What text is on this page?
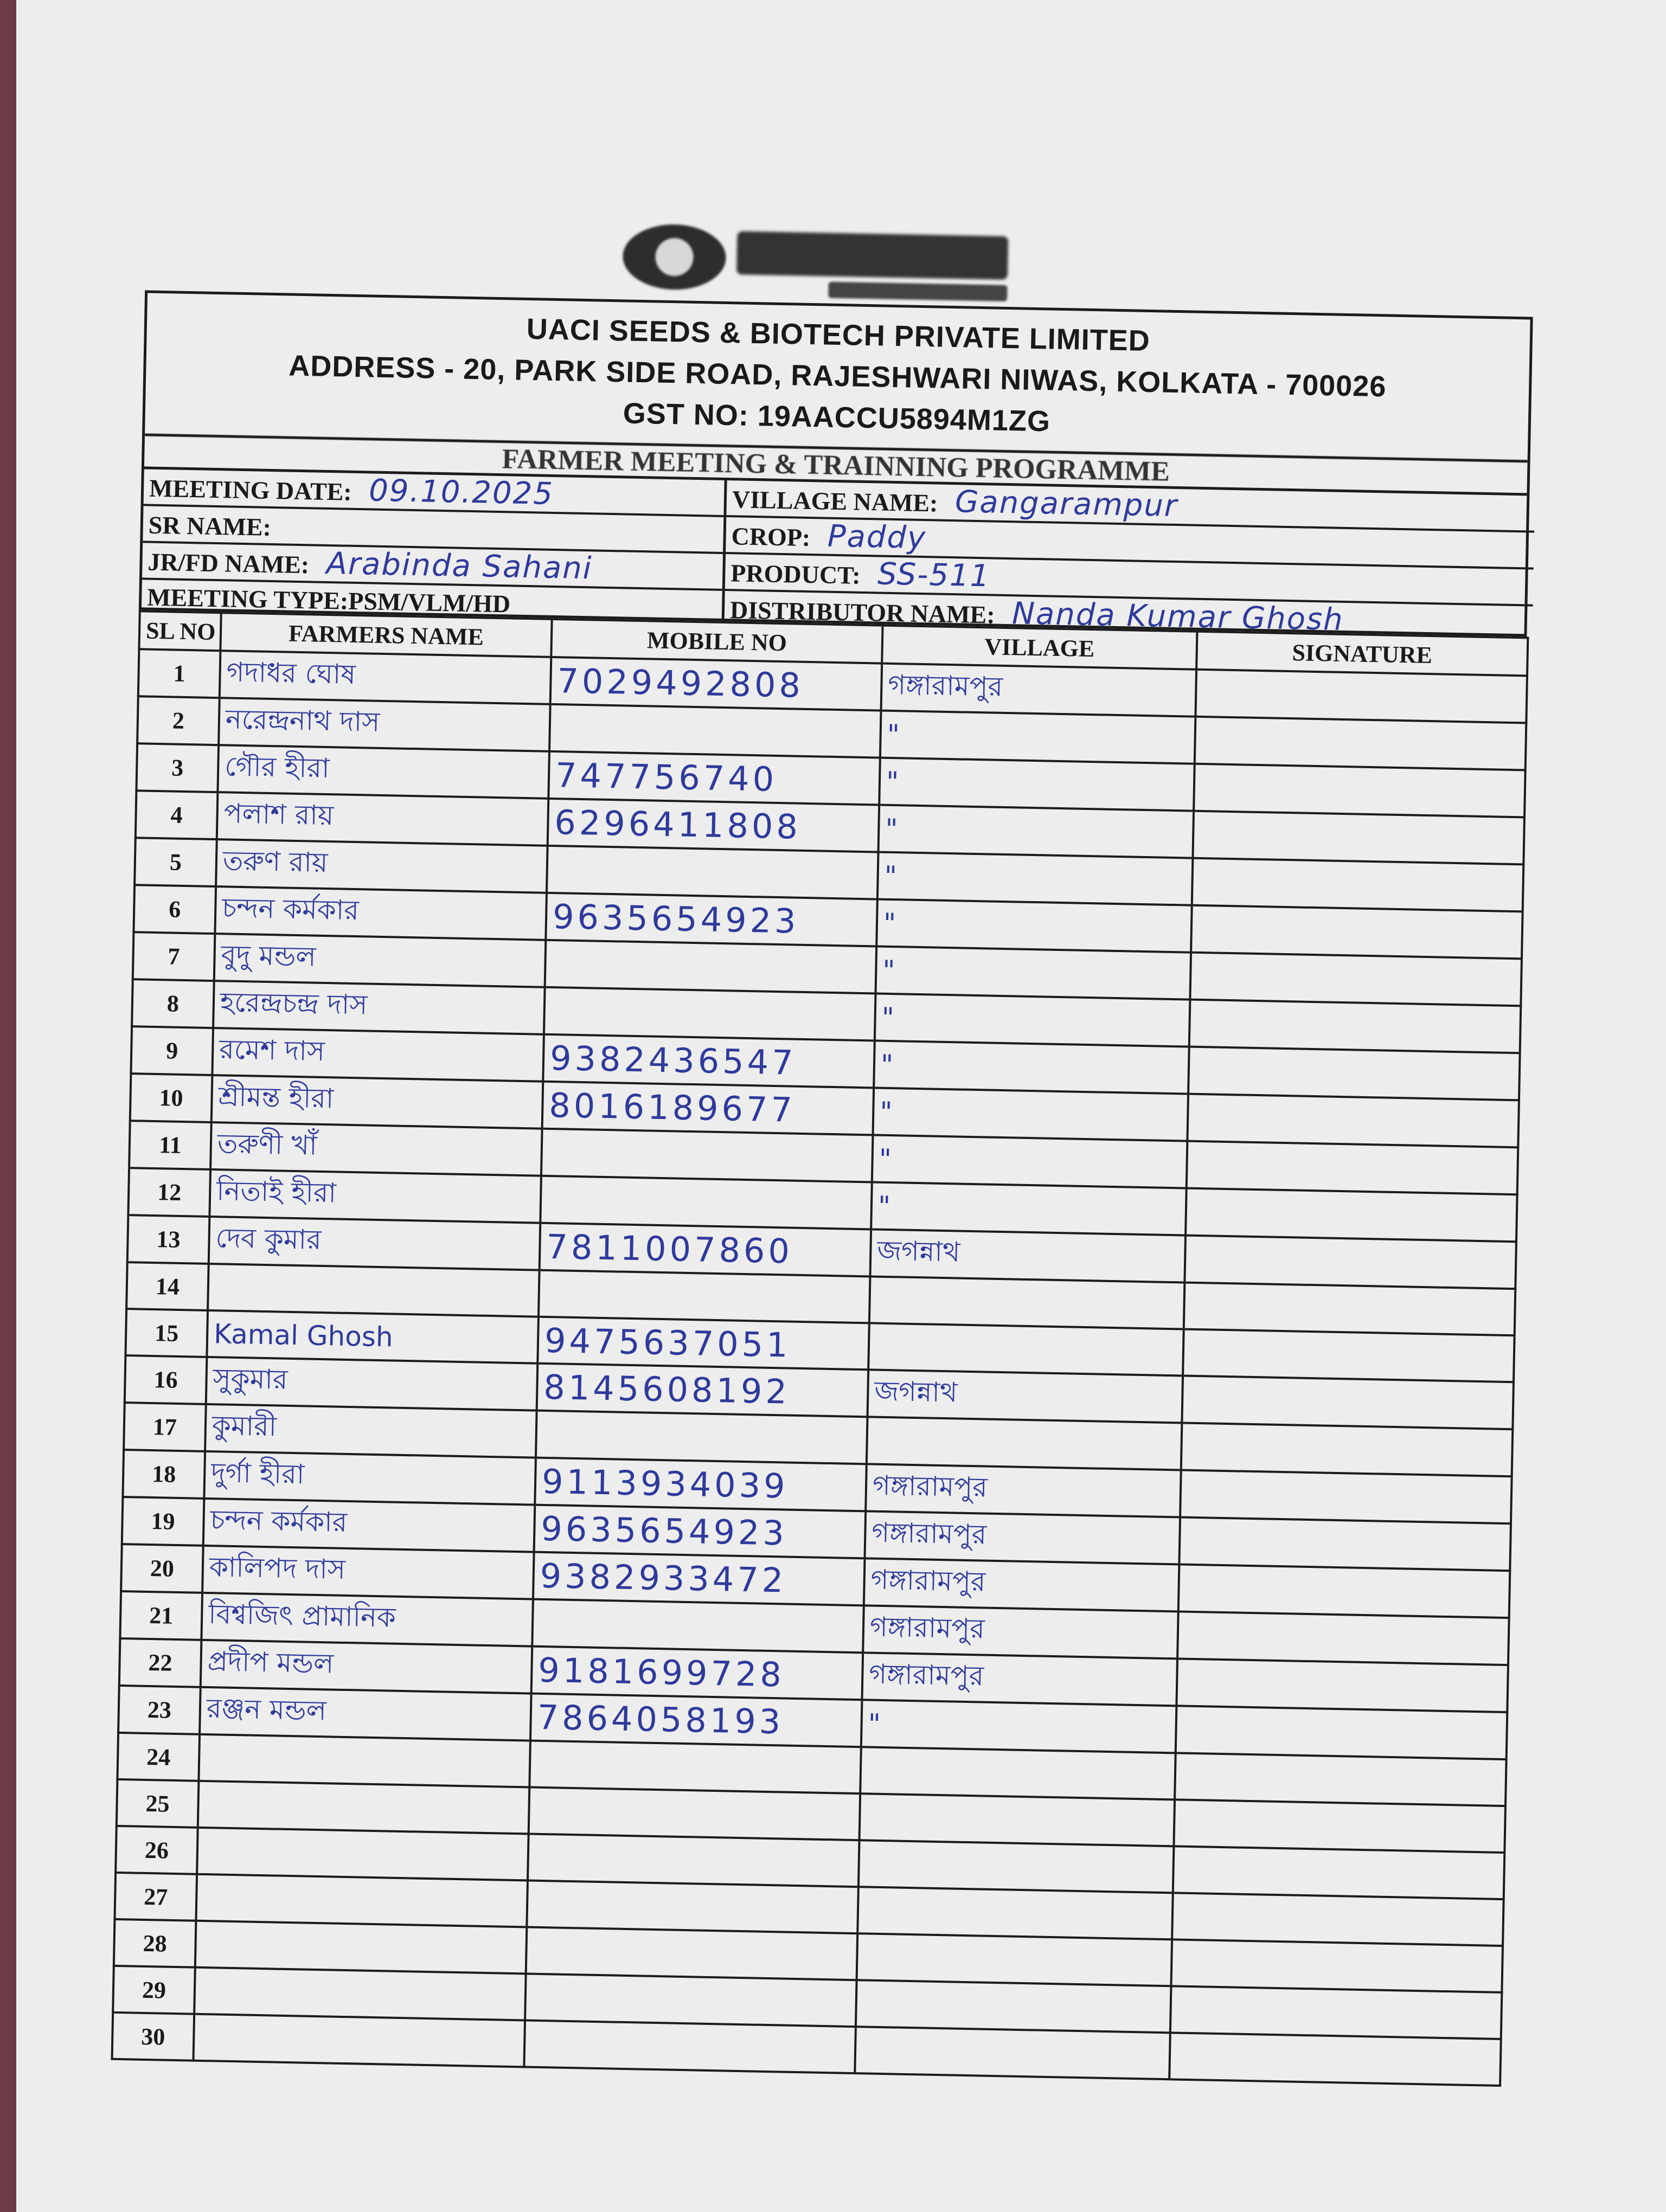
UACI SEEDS & BIOTECH PRIVATE LIMITED
ADDRESS - 20, PARK SIDE ROAD, RAJESHWARI NIWAS, KOLKATA - 700026
GST NO: 19AACCU5894M1ZG
FARMER MEETING & TRAINNING PROGRAMME
MEETING DATE: 09.10.2025
SR NAME:
JR/FD NAME: Arabinda Sahani
MEETING TYPE:PSM/VLM/HD
VILLAGE NAME: Gangarampur
CROP: Paddy
PRODUCT: SS-511
DISTRIBUTOR NAME: Nanda Kumar Ghosh
SL NO	FARMERS NAME	MOBILE NO	VILLAGE	SIGNATURE
1	গদাধর ঘোষ	7029492808	গঙ্গারামপুর	
2	নরেন্দ্রনাথ দাস		"	
3	গৌর হীরা	747756740	"	
4	পলাশ রায়	6296411808	"	
5	তরুণ রায়		"	
6	চন্দন কর্মকার	9635654923	"	
7	বুদু মন্ডল		"	
8	হরেন্দ্রচন্দ্র দাস		"	
9	রমেশ দাস	9382436547	"	
10	শ্রীমন্ত হীরা	8016189677	"	
11	তরুণী খাঁ		"	
12	নিতাই হীরা		"	
13	দেব কুমার	7811007860	জগন্নাথ	
14				
15	Kamal Ghosh	9475637051		
16	সুকুমার	8145608192	জগন্নাথ	
17	কুমারী			
18	দুর্গা হীরা	9113934039	গঙ্গারামপুর	
19	চন্দন কর্মকার	9635654923	গঙ্গারামপুর	
20	কালিপদ দাস	9382933472	গঙ্গারামপুর	
21	বিশ্বজিৎ প্রামানিক		গঙ্গারামপুর	
22	প্রদীপ মন্ডল	9181699728	গঙ্গারামপুর	
23	রঞ্জন মন্ডল	7864058193	"	
24				
25				
26				
27				
28				
29				
30				
